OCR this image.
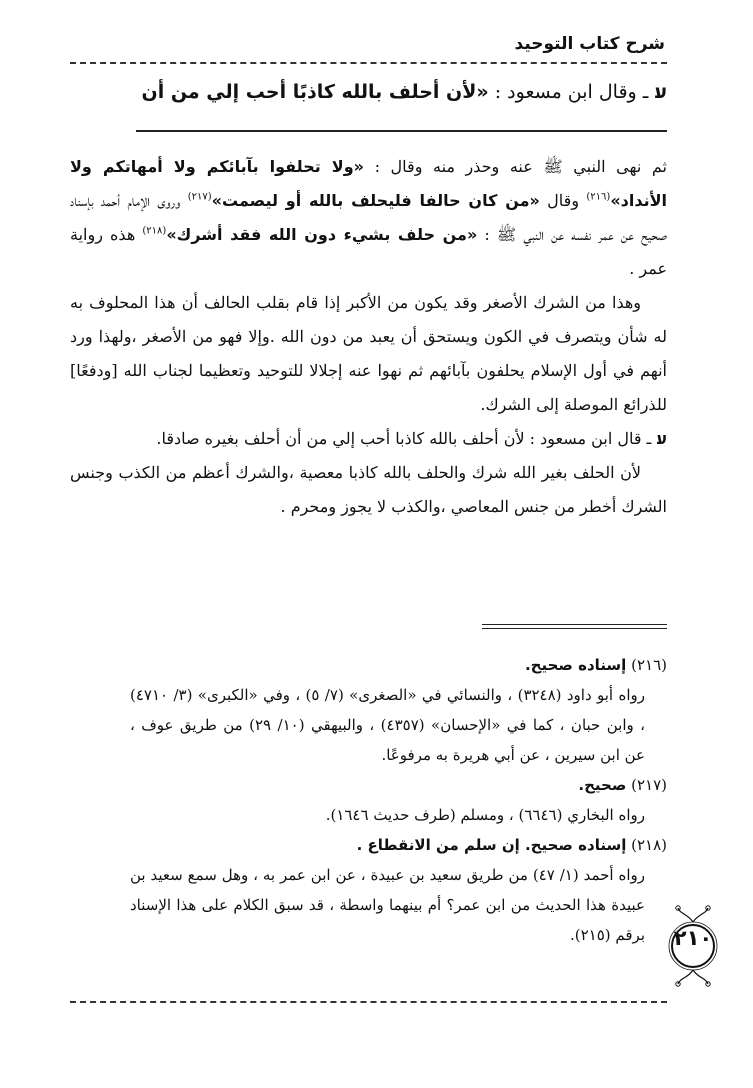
شرح كتاب التوحيد
ﬠ ـ وقال ابن مسعود : «لأن أحلف بالله كاذبًا أحب إلي من أن

ثم نهى النبي ﷺ عنه وحذر منه وقال : «ولا تحلفوا بآبائكم ولا أمهاتكم ولا الأنداد»$^{(٢١٦)}$ وقال «من كان حالفا فليحلف بالله أو ليصمت»$^{(٢١٧)}$ وروى الإمام أحمد بإسناد صحيح عن عمر نفسه عن النبي ﷺ : «من حلف بشيء دون الله فقد أشرك»$^{(٢١٨)}$ هذه رواية عمر .

وهذا من الشرك الأصغر وقد يكون من الأكبر إذا قام بقلب الحالف أن هذا المحلوف به له شأن ويتصرف في الكون ويستحق أن يعبد من دون الله .وإلا فهو من الأصغر ،ولهذا ورد أنهم في أول الإسلام يحلفون بآبائهم ثم نهوا عنه إجلالا للتوحيد وتعظيما لجناب الله [ودفعًا] للذرائع الموصلة إلى الشرك.

ﬠ ـ قال ابن مسعود : لأن أحلف بالله كاذبا أحب إلي من أن أحلف بغيره صادقا.

لأن الحلف بغير الله شرك والحلف بالله كاذبا معصية ،والشرك أعظم من الكذب وجنس الشرك أخطر من جنس المعاصي ،والكذب لا يجوز ومحرم .

(٢١٦) إسناده صحيح.

رواه أبو داود (٣٢٤٨) ، والنسائي في «الصغرى» (٧/ ٥) ، وفي «الكبرى» (٣/ ٤٧١٠) ، وابن حبان ، كما في «الإحسان» (٤٣٥٧) ، والبيهقي (١٠/ ٢٩) من طريق عوف ، عن ابن سيرين ، عن أبي هريرة به مرفوعًا.

(٢١٧) صحيح.

رواه البخاري (٦٦٤٦) ، ومسلم (طرف حديث ١٦٤٦).

(٢١٨) إسناده صحيح. إن سلم من الانقطاع .

رواه أحمد (١/ ٤٧) من طريق سعيد بن عبيدة ، عن ابن عمر به ، وهل سمع سعيد بن عبيدة هذا الحديث من ابن عمر؟ أم بينهما واسطة ، قد سبق الكلام على هذا الإسناد برقم (٢١٥).	٢١٠
